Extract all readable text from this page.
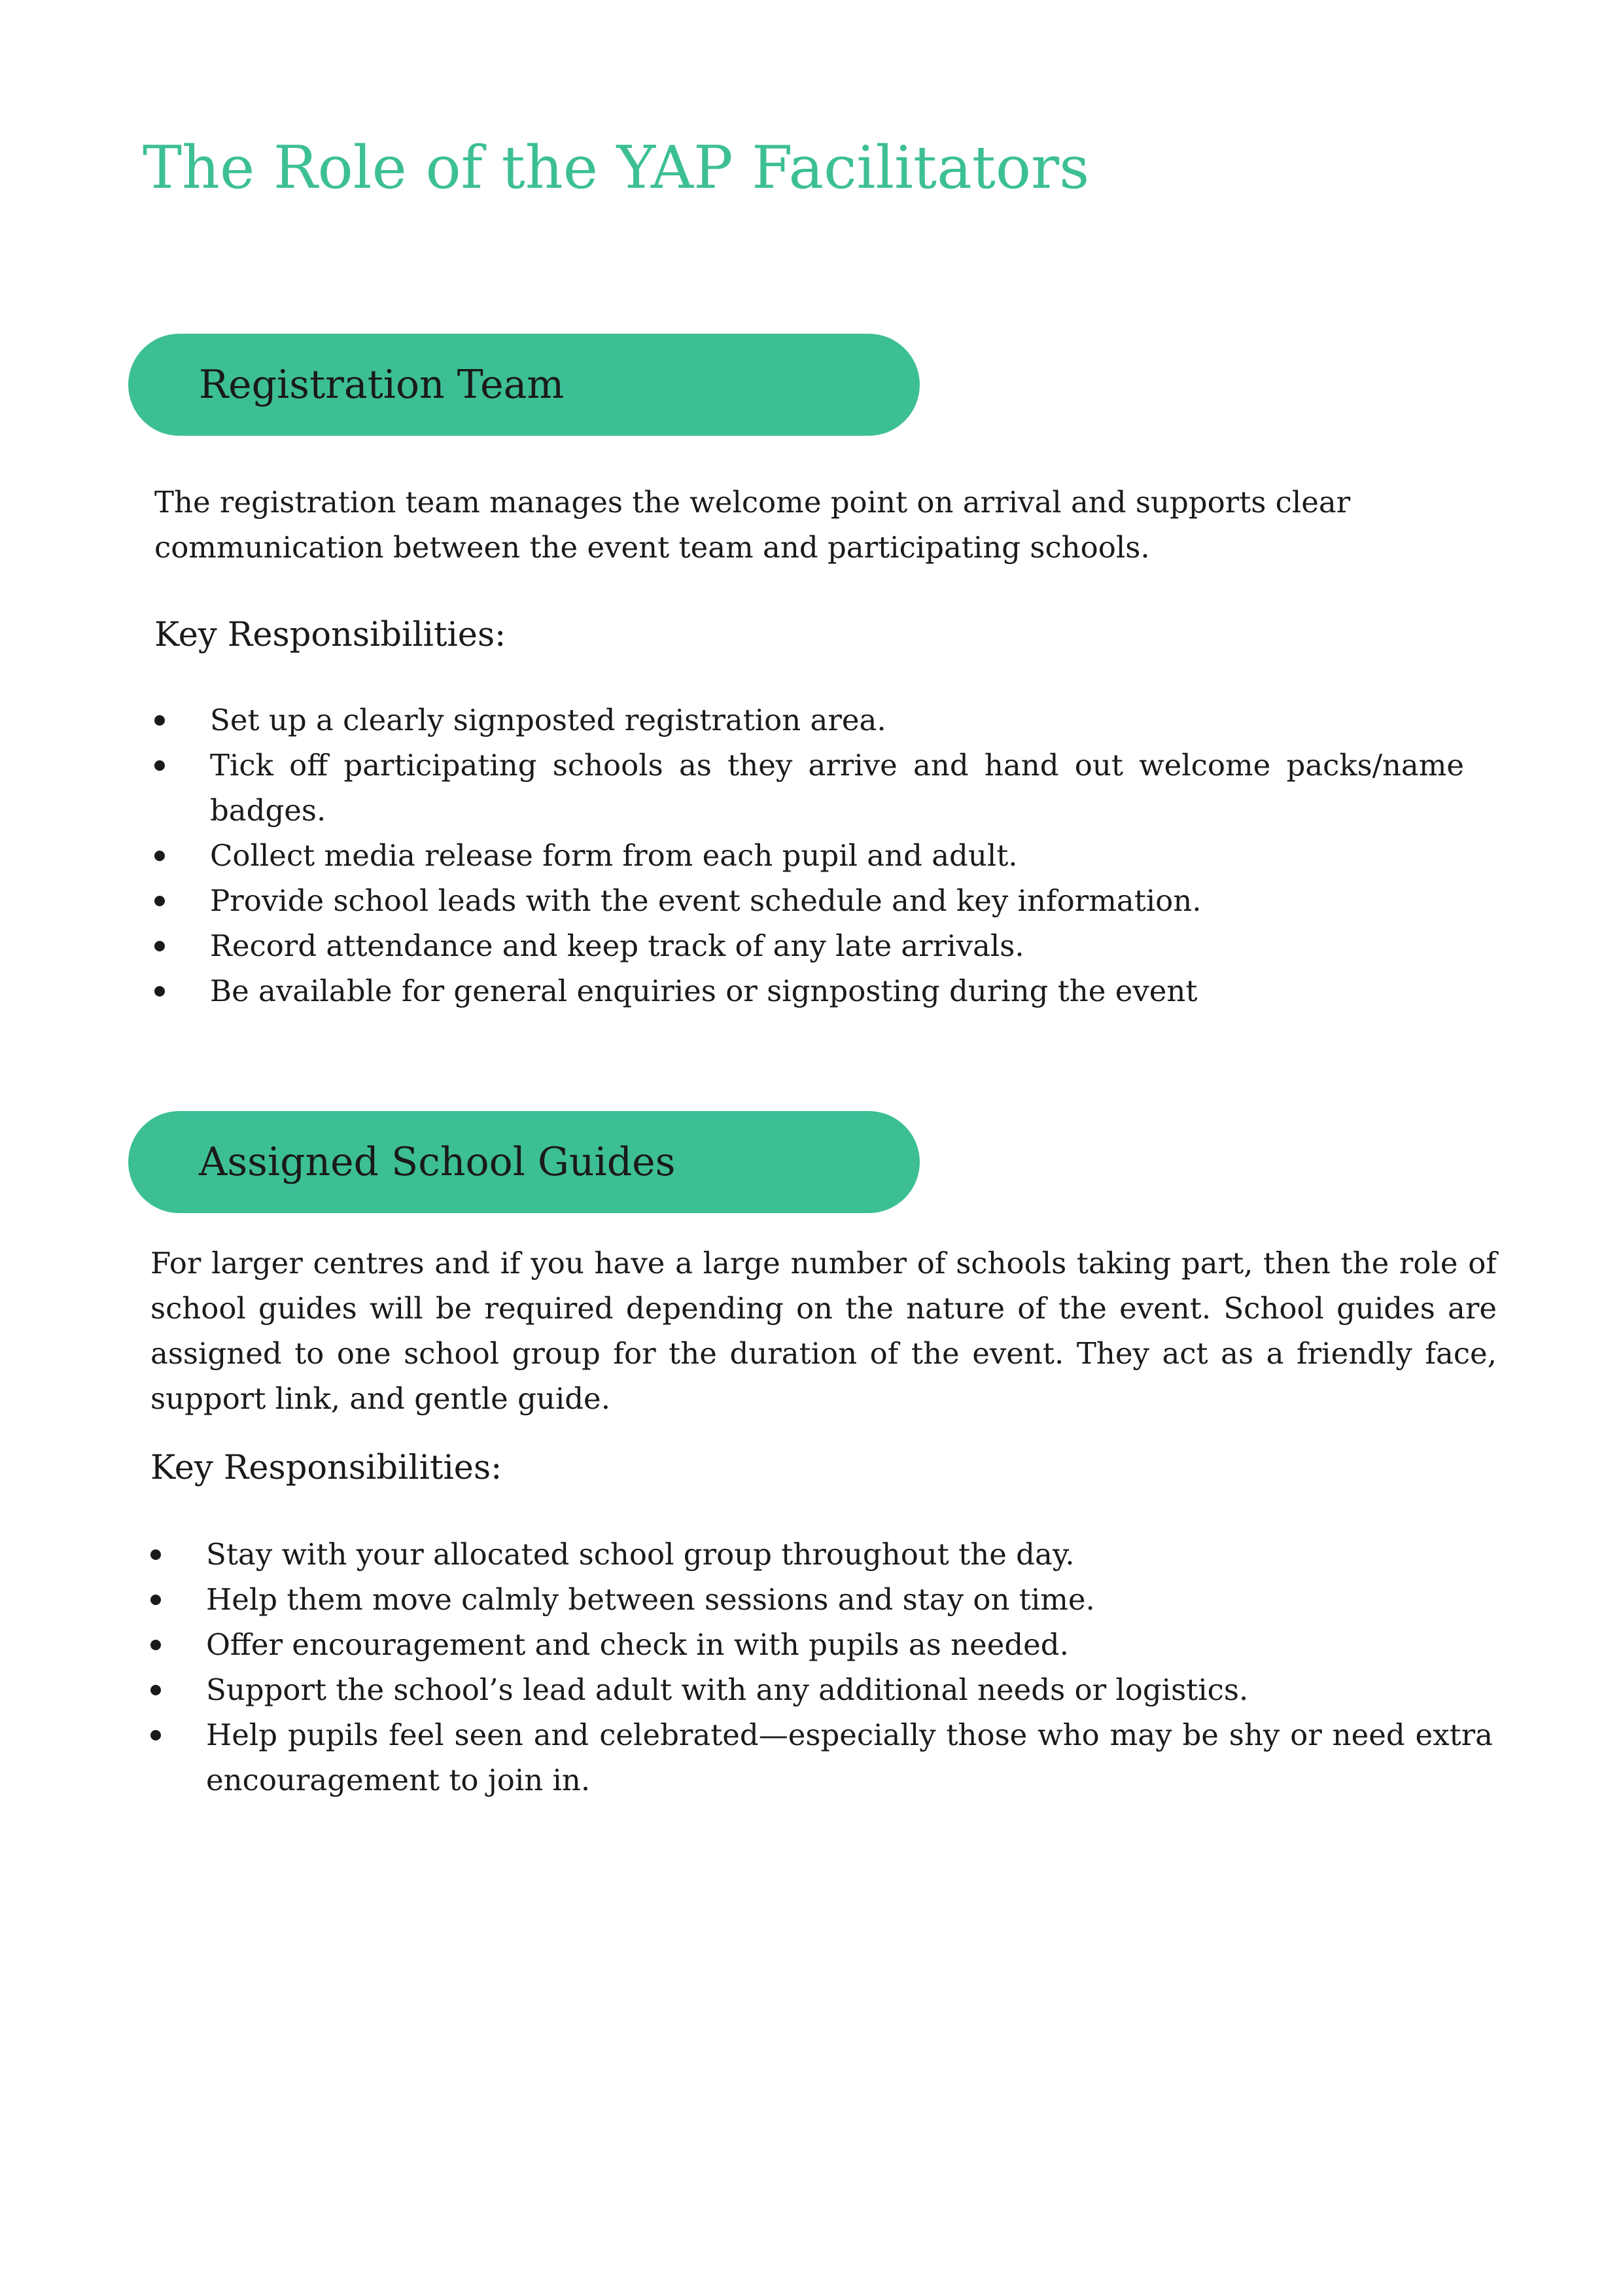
The Role of the YAP Facilitators
Registration Team

The registration team manages the welcome point on arrival and supports clear communication between the event team and participating schools.

Key Responsibilities:
Set up a clearly signposted registration area.
Tick off participating schools as they arrive and hand out welcome packs/name badges.
Collect media release form from each pupil and adult.
Provide school leads with the event schedule and key information.
Record attendance and keep track of any late arrivals.
Be available for general enquiries or signposting during the event
Assigned School Guides

For larger centres and if you have a large number of schools taking part, then the role of school guides will be required depending on the nature of the event. School guides are assigned to one school group for the duration of the event. They act as a friendly face, support link, and gentle guide.

Key Responsibilities:
Stay with your allocated school group throughout the day.
Help them move calmly between sessions and stay on time.
Offer encouragement and check in with pupils as needed.
Support the school’s lead adult with any additional needs or logistics.
Help pupils feel seen and celebrated—especially those who may be shy or need extra encouragement to join in.
